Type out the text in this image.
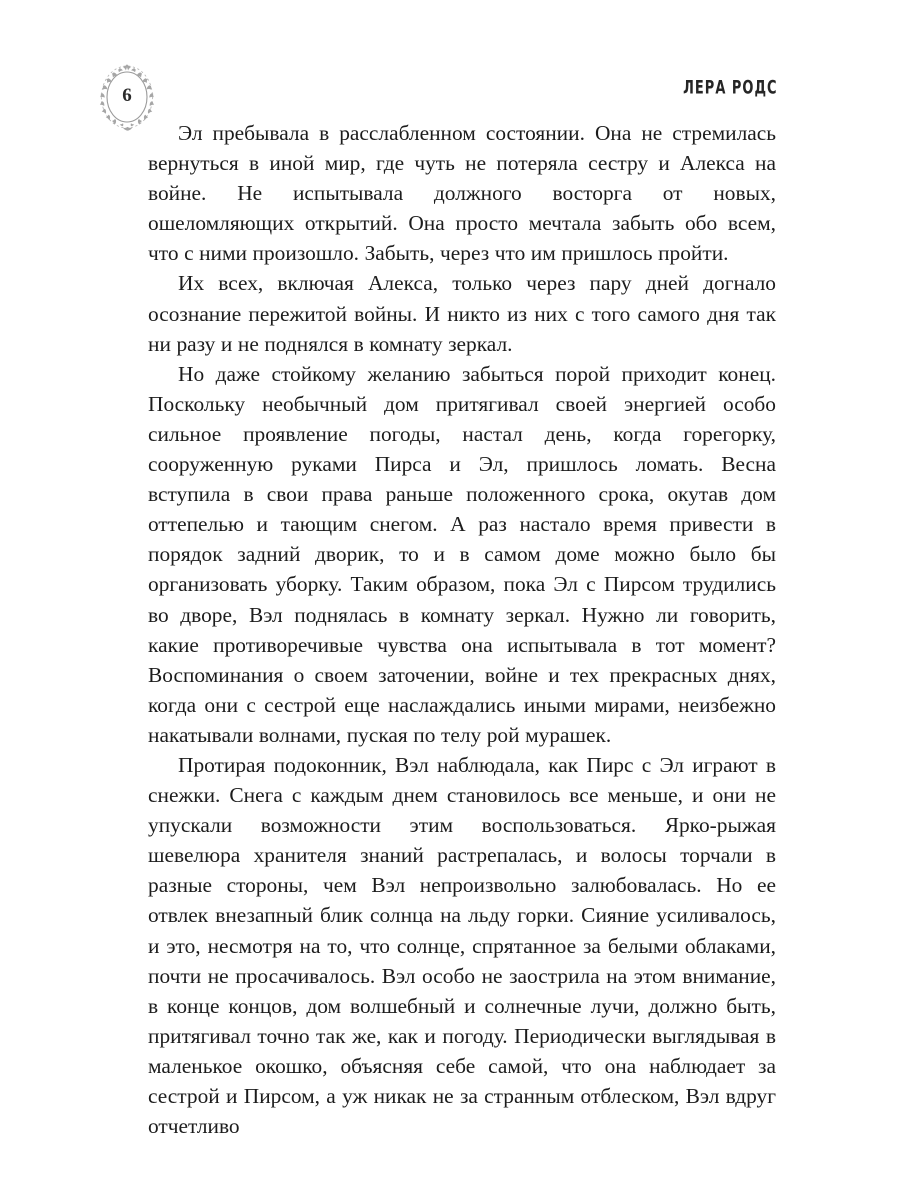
6	ЛЕРА РОДС

Эл пребывала в расслабленном состоянии. Она не стремилась вернуться в иной мир, где чуть не потеряла сестру и Алекса на войне. Не испытывала должного восторга от новых, ошеломляющих открытий. Она просто мечтала забыть обо всем, что с ними произошло. Забыть, через что им пришлось пройти.

Их всех, включая Алекса, только через пару дней догнало осознание пережитой войны. И никто из них с того самого дня так ни разу и не поднялся в комнату зеркал.

Но даже стойкому желанию забыться порой приходит конец. Поскольку необычный дом притягивал своей энергией особо сильное проявление погоды, настал день, когда горегорку, сооруженную руками Пирса и Эл, пришлось ломать. Весна вступила в свои права раньше положенного срока, окутав дом оттепелью и тающим снегом. А раз настало время привести в порядок задний дворик, то и в самом доме можно было бы организовать уборку. Таким образом, пока Эл с Пирсом трудились во дворе, Вэл поднялась в комнату зеркал. Нужно ли говорить, какие противоречивые чувства она испытывала в тот момент? Воспоминания о своем заточении, войне и тех прекрасных днях, когда они с сестрой еще наслаждались иными мирами, неизбежно накатывали волнами, пуская по телу рой мурашек.

Протирая подоконник, Вэл наблюдала, как Пирс с Эл играют в снежки. Снега с каждым днем становилось все меньше, и они не упускали возможности этим воспользоваться. Ярко-рыжая шевелюра хранителя знаний растрепалась, и волосы торчали в разные стороны, чем Вэл непроизвольно залюбовалась. Но ее отвлек внезапный блик солнца на льду горки. Сияние усиливалось, и это, несмотря на то, что солнце, спрятанное за белыми облаками, почти не просачивалось. Вэл особо не заострила на этом внимание, в конце концов, дом волшебный и солнечные лучи, должно быть, притягивал точно так же, как и погоду. Периодически выглядывая в маленькое окошко, объясняя себе самой, что она наблюдает за сестрой и Пирсом, а уж никак не за странным отблеском, Вэл вдруг отчетливо
